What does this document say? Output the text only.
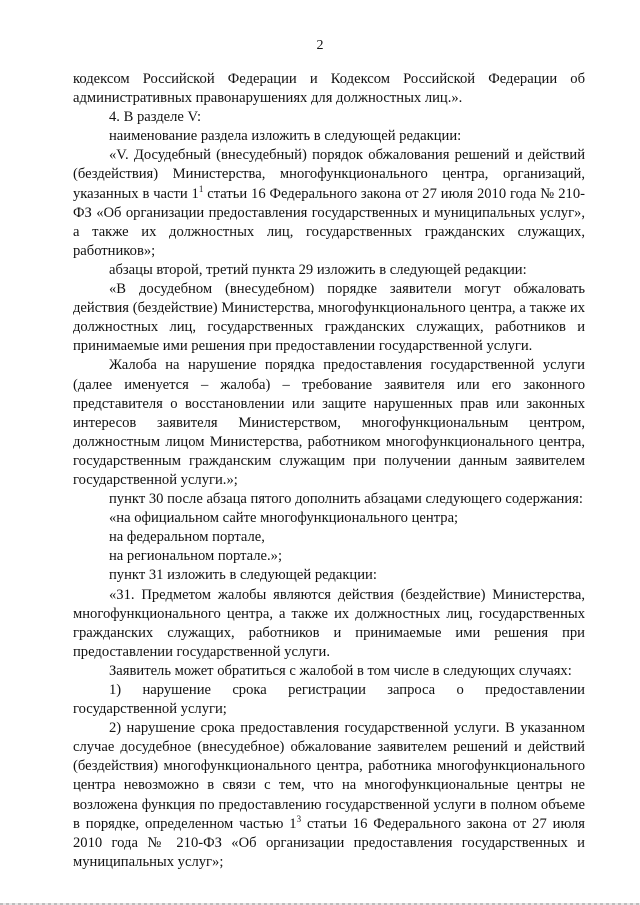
2

кодексом Российской Федерации и Кодексом Российской Федерации об административных правонарушениях для должностных лиц.».

4. В разделе V:

наименование раздела изложить в следующей редакции:

«V. Досудебный (внесудебный) порядок обжалования решений и действий (бездействия) Министерства, многофункционального центра, организаций, указанных в части $1^1$ статьи 16 Федерального закона от 27 июля 2010 года № 210-ФЗ «Об организации предоставления государственных и муниципальных услуг», а также их должностных лиц, государственных гражданских служащих, работников»;

абзацы второй, третий пункта 29 изложить в следующей редакции:

«В досудебном (внесудебном) порядке заявители могут обжаловать действия (бездействие) Министерства, многофункционального центра, а также их должностных лиц, государственных гражданских служащих, работников и принимаемые ими решения при предоставлении государственной услуги.

Жалоба на нарушение порядка предоставления государственной услуги (далее именуется – жалоба) – требование заявителя или его законного представителя о восстановлении или защите нарушенных прав или законных интересов заявителя Министерством, многофункциональным центром, должностным лицом Министерства, работником многофункционального центра, государственным гражданским служащим при получении данным заявителем государственной услуги.»;

пункт 30 после абзаца пятого дополнить абзацами следующего содержания:

«на официальном сайте многофункционального центра;

на федеральном портале,

на региональном портале.»;

пункт 31 изложить в следующей редакции:

«31. Предметом жалобы являются действия (бездействие) Министерства, многофункционального центра, а также их должностных лиц, государственных гражданских служащих, работников и принимаемые ими решения при предоставлении государственной услуги.

Заявитель может обратиться с жалобой в том числе в следующих случаях:

1) нарушение срока регистрации запроса о предоставлении государственной услуги;

2) нарушение срока предоставления государственной услуги. В указанном случае досудебное (внесудебное) обжалование заявителем решений и действий (бездействия) многофункционального центра, работника многофункционального центра невозможно в связи с тем, что на многофункциональные центры не возложена функция по предоставлению государственной услуги в полном объеме в порядке, определенном частью $1^3$ статьи 16 Федерального закона от 27 июля 2010 года № 210-ФЗ «Об организации предоставления государственных и муниципальных услуг»;
